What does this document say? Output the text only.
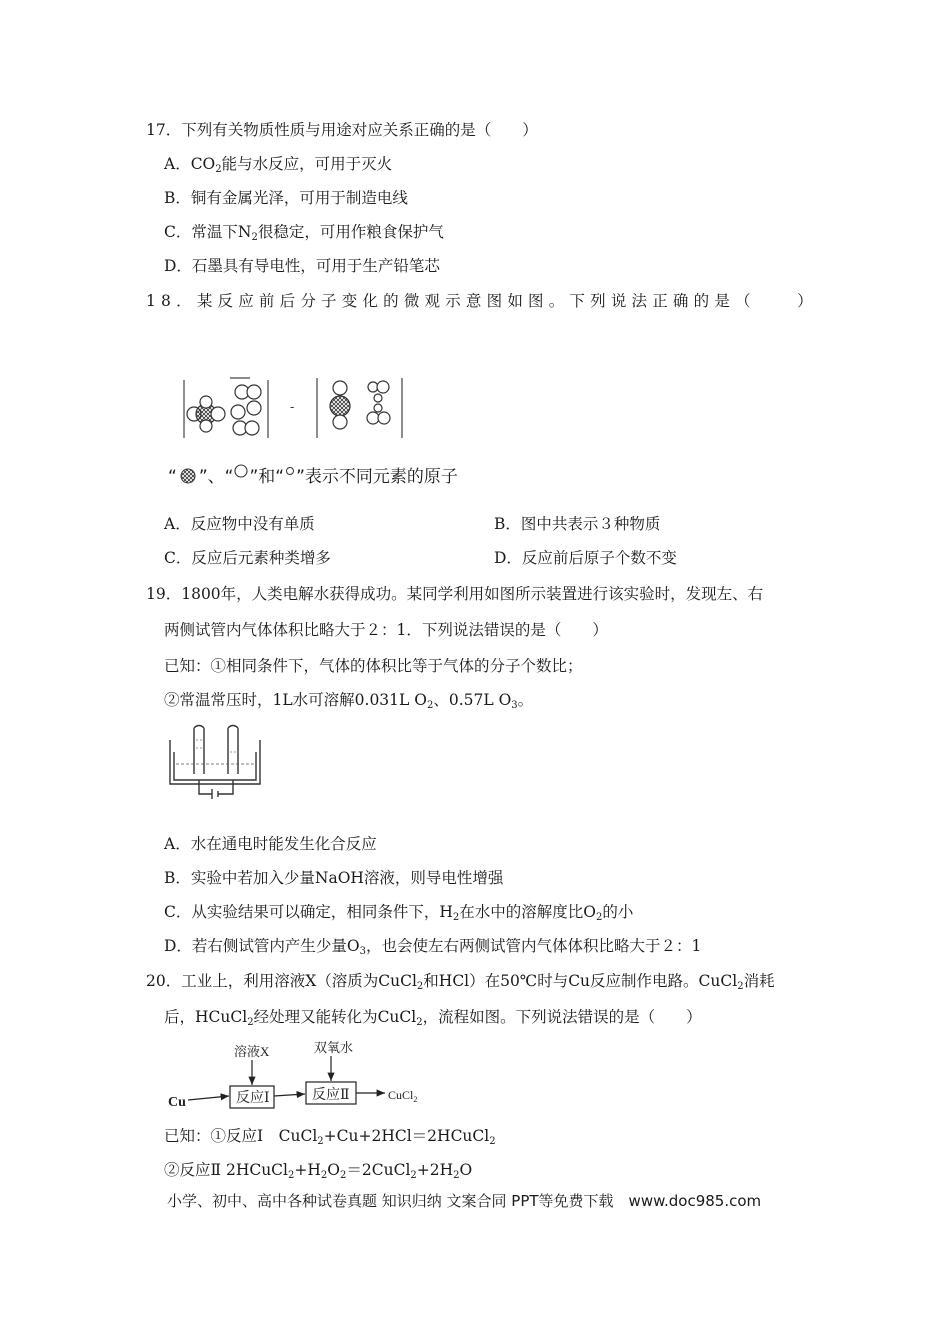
17．下列有关物质性质与用途对应关系正确的是（　　）
A．$CO_2$能与水反应，可用于灭火
B．铜有金属光泽，可用于制造电线
C．常温下$N_2$很稳定，可用作粮食保护气
D．石墨具有导电性，可用于生产铅笔芯
18．某反应前后分子变化的微观示意图如图。下列说法正确的是（　　）
-
“ ”、“ ”和“ ”表示不同元素的原子
A．反应物中没有单质	B．图中共表示３种物质
C．反应后元素种类增多	D．反应前后原子个数不变
19．1800年，人类电解水获得成功。某同学利用如图所示装置进行该实验时，发现左、右
两侧试管内气体体积比略大于２：1．下列说法错误的是（　　）
已知：①相同条件下，气体的体积比等于气体的分子个数比；
②常温常压时，1L水可溶解0.031L $O_2$、0.57L $O_3$。
A．水在通电时能发生化合反应
B．实验中若加入少量NaOH溶液，则导电性增强
C．从实验结果可以确定，相同条件下，$H_2$在水中的溶解度比$O_2$的小
D．若右侧试管内产生少量$O_3$，也会使左右两侧试管内气体体积比略大于２：1
20．工业上，利用溶液X（溶质为CuCl$_2$和HCl）在50℃时与Cu反应制作电路。CuCl$_2$消耗
后，HCuCl$_2$经处理又能转化为CuCl$_2$，流程如图。下列说法错误的是（　　）
溶液X	双氧水
Cu	反应Ⅰ	反应Ⅱ	CuCl$_2$
已知：①反应Ⅰ　CuCl$_2$+Cu+2HCl＝2HCuCl$_2$
②反应Ⅱ $2HCuCl_2+H_2O_2=2CuCl_2+2H_2O$
小学、初中、高中各种试卷真题 知识归纳 文案合同 PPT等免费下载　www.doc985.com
